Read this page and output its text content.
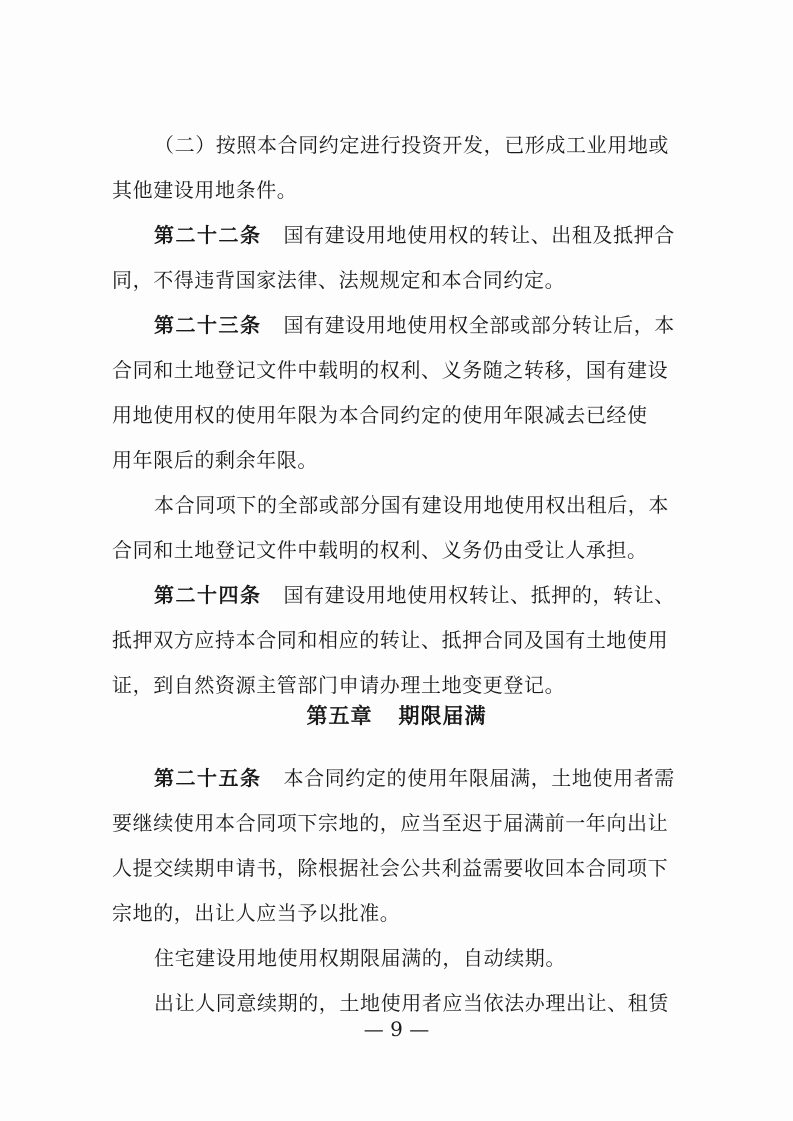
（二）按照本合同约定进行投资开发，已形成工业用地或
其他建设用地条件。
第二十二条 国有建设用地使用权的转让、出租及抵押合
同，不得违背国家法律、法规规定和本合同约定。
第二十三条 国有建设用地使用权全部或部分转让后，本
合同和土地登记文件中载明的权利、义务随之转移，国有建设
用地使用权的使用年限为本合同约定的使用年限减去已经使
用年限后的剩余年限。
本合同项下的全部或部分国有建设用地使用权出租后，本
合同和土地登记文件中载明的权利、义务仍由受让人承担。
第二十四条 国有建设用地使用权转让、抵押的，转让、
抵押双方应持本合同和相应的转让、抵押合同及国有土地使用
证，到自然资源主管部门申请办理土地变更登记。
第五章 期限届满
第二十五条 本合同约定的使用年限届满，土地使用者需
要继续使用本合同项下宗地的，应当至迟于届满前一年向出让
人提交续期申请书，除根据社会公共利益需要收回本合同项下
宗地的，出让人应当予以批准。
住宅建设用地使用权期限届满的，自动续期。
出让人同意续期的，土地使用者应当依法办理出让、租赁
— 9 —
